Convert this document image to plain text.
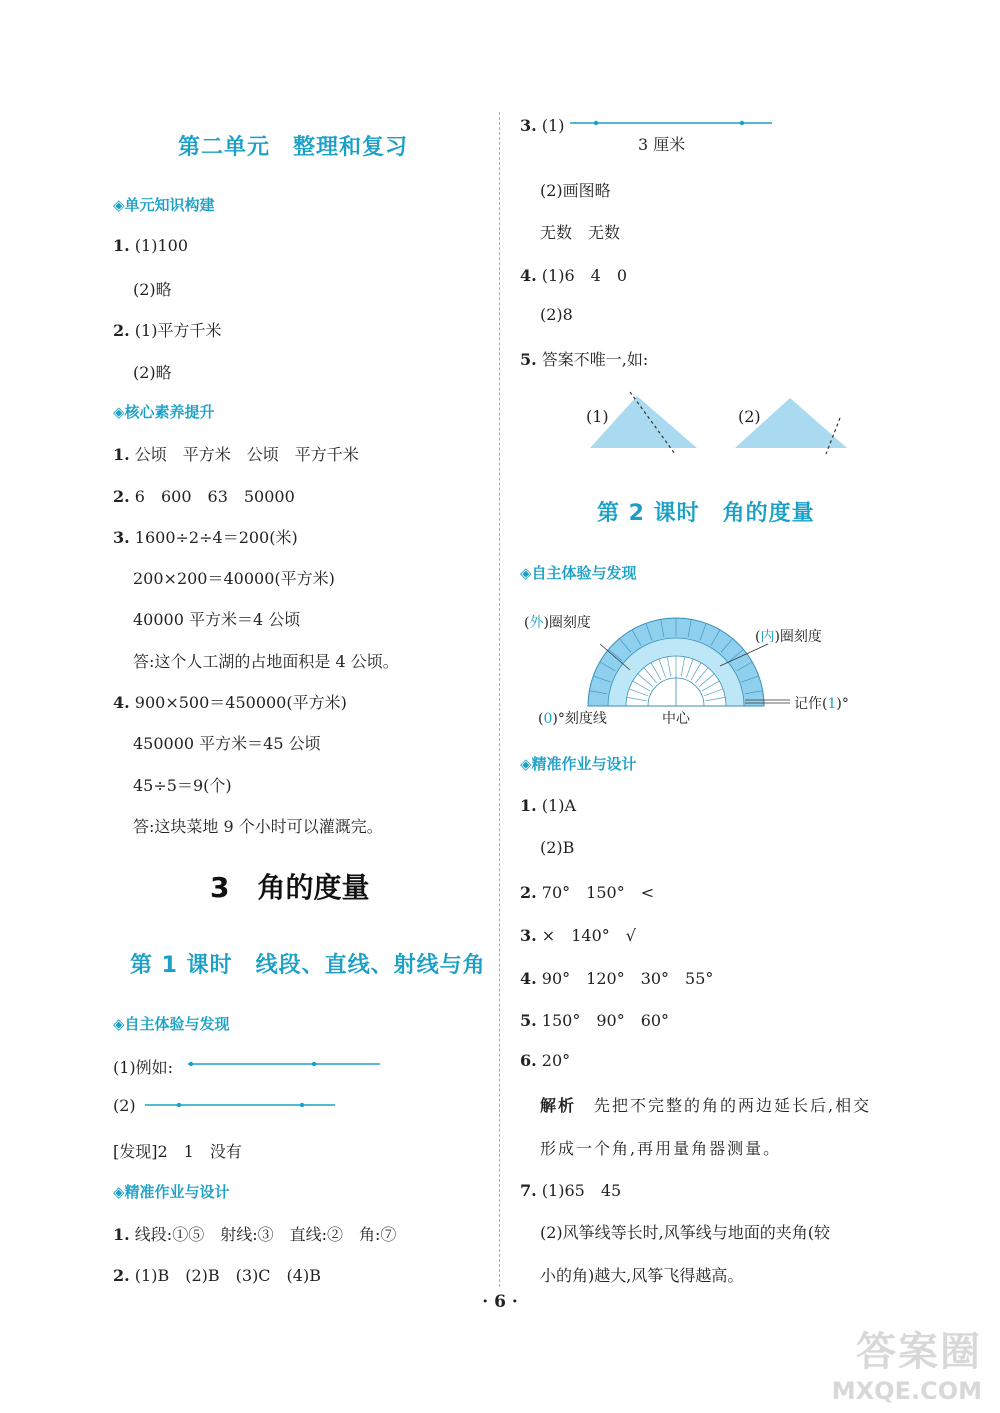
第二单元　整理和复习
◈单元知识构建
1. (1)100
(2)略
2. (1)平方千米
(2)略
◈核心素养提升
1. 公顷　平方米　公顷　平方千米
2. 6　600　63　50000
3. 1600÷2÷4＝200(米)
200×200＝40000(平方米)
40000 平方米＝4 公顷
答:这个人工湖的占地面积是 4 公顷。
4. 900×500＝450000(平方米)
450000 平方米＝45 公顷
45÷5＝9(个)
答:这块菜地 9 个小时可以灌溉完。
3　角的度量
第 1 课时　线段、直线、射线与角
◈自主体验与发现
(1)例如:
(2)
[发现]2　1　没有
◈精准作业与设计
1. 线段:①⑤　射线:③　直线:②　角:⑦
2. (1)B　(2)B　(3)C　(4)B
3. (1)
3 厘米
(2)画图略
无数　无数
4. (1)6　4　0
(2)8
5. 答案不唯一,如:
(1)	(2)
第 2 课时　角的度量
◈自主体验与发现
(外)圈刻度
(内)圈刻度
(0)°刻度线	中心
记作(1)°
◈精准作业与设计
1. (1)A
(2)B
2. 70°　150°　<
3. ×　140°　√
4. 90°　120°　30°　55°
5. 150°　90°　60°
6. 20°
解析　 先把不完整的角的两边延长后,相交
形成一个角,再用量角器测量。
7. (1)65　45
(2)风筝线等长时,风筝线与地面的夹角(较
小的角)越大,风筝飞得越高。
· 6 ·
答案圈
MXQE.COM
